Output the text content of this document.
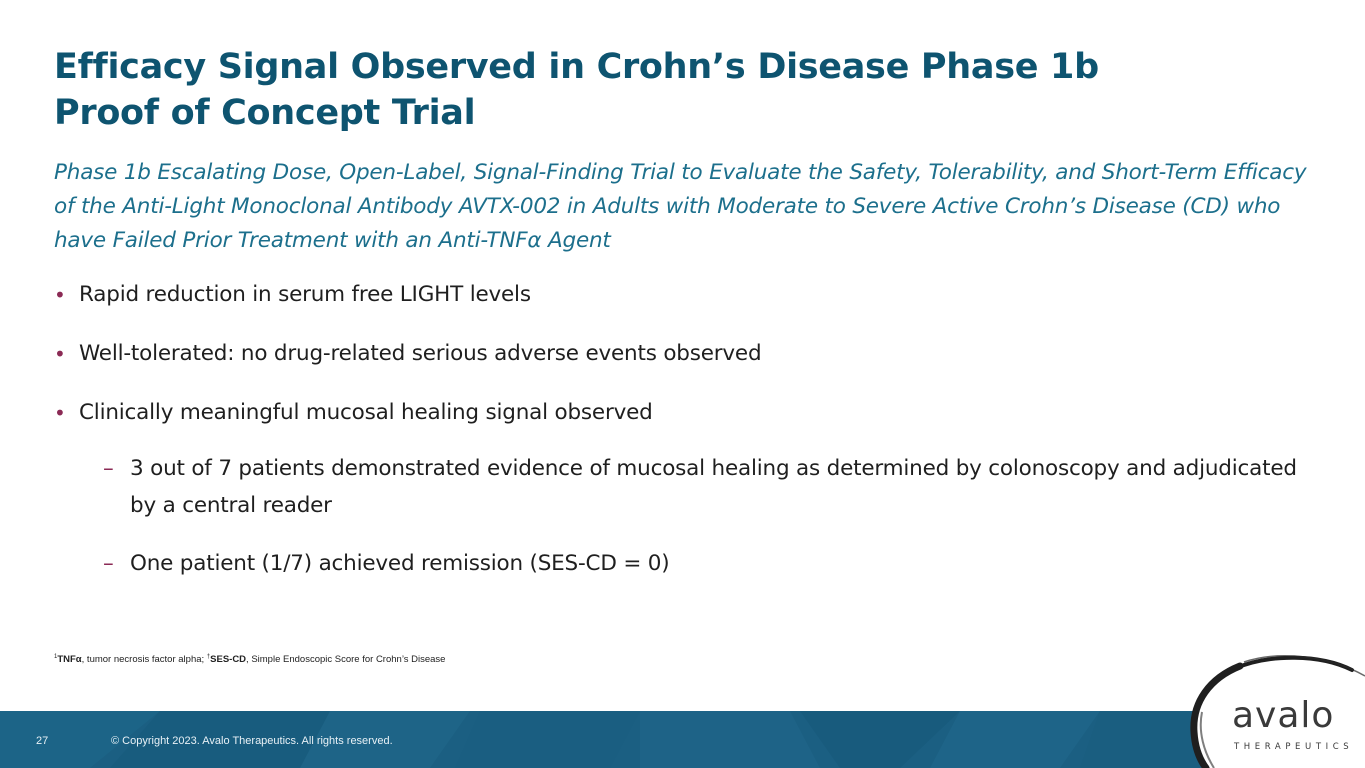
Efficacy Signal Observed in Crohn’s Disease Phase 1b
Proof of Concept Trial

Phase 1b Escalating Dose, Open-Label, Signal-Finding Trial to Evaluate the Safety, Tolerability, and Short-Term Efficacy of the Anti-Light Monoclonal Antibody AVTX-002 in Adults with Moderate to Severe Active Crohn’s Disease (CD) who have Failed Prior Treatment with an Anti-TNFα Agent

• Rapid reduction in serum free LIGHT levels
• Well-tolerated: no drug-related serious adverse events observed
• Clinically meaningful mucosal healing signal observed
– 3 out of 7 patients demonstrated evidence of mucosal healing as determined by colonoscopy and adjudicated by a central reader
– One patient (1/7) achieved remission (SES-CD = 0)

$^1$TNFα, tumor necrosis factor alpha; †SES-CD, Simple Endoscopic Score for Crohn’s Disease

27	© Copyright 2023. Avalo Therapeutics. All rights reserved.
avalo
THERAPEUTICS
